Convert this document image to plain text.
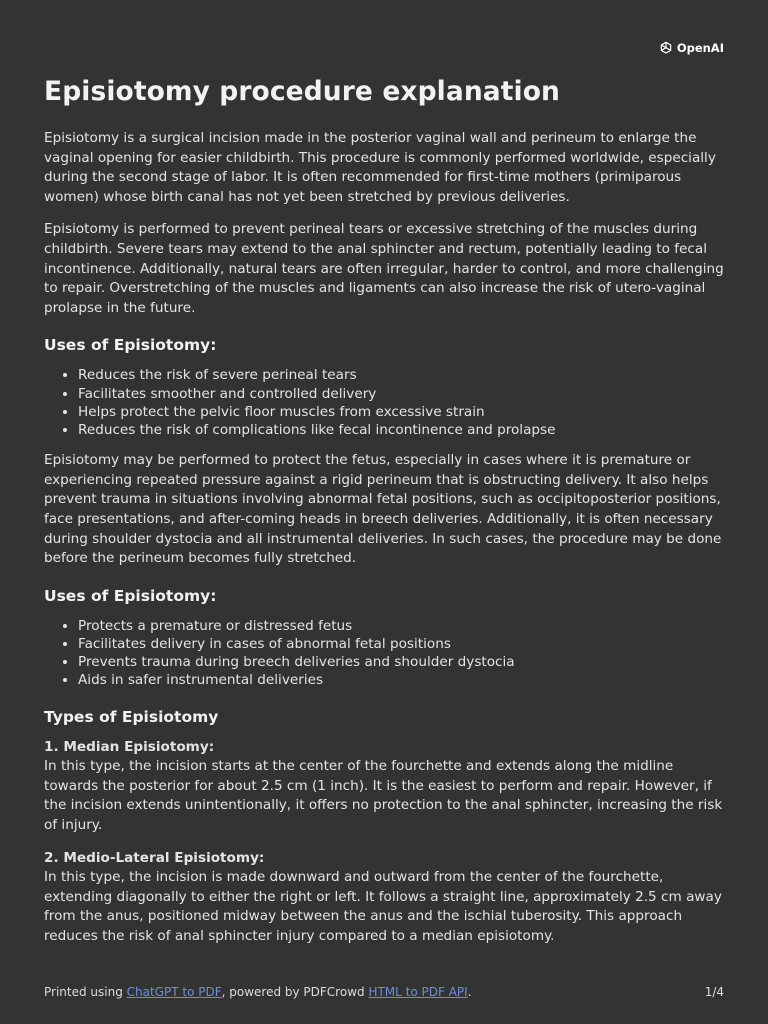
OpenAI
Episiotomy procedure explanation

Episiotomy is a surgical incision made in the posterior vaginal wall and perineum to enlarge the vaginal opening for easier childbirth. This procedure is commonly performed worldwide, especially during the second stage of labor. It is often recommended for first-time mothers (primiparous women) whose birth canal has not yet been stretched by previous deliveries.

Episiotomy is performed to prevent perineal tears or excessive stretching of the muscles during childbirth. Severe tears may extend to the anal sphincter and rectum, potentially leading to fecal incontinence. Additionally, natural tears are often irregular, harder to control, and more challenging to repair. Overstretching of the muscles and ligaments can also increase the risk of utero-vaginal prolapse in the future.

Uses of Episiotomy:
• Reduces the risk of severe perineal tears
• Facilitates smoother and controlled delivery
• Helps protect the pelvic floor muscles from excessive strain
• Reduces the risk of complications like fecal incontinence and prolapse

Episiotomy may be performed to protect the fetus, especially in cases where it is premature or experiencing repeated pressure against a rigid perineum that is obstructing delivery. It also helps prevent trauma in situations involving abnormal fetal positions, such as occipitoposterior positions, face presentations, and after-coming heads in breech deliveries. Additionally, it is often necessary during shoulder dystocia and all instrumental deliveries. In such cases, the procedure may be done before the perineum becomes fully stretched.

Uses of Episiotomy:
• Protects a premature or distressed fetus
• Facilitates delivery in cases of abnormal fetal positions
• Prevents trauma during breech deliveries and shoulder dystocia
• Aids in safer instrumental deliveries
Types of Episiotomy

1. Median Episiotomy:
In this type, the incision starts at the center of the fourchette and extends along the midline towards the posterior for about 2.5 cm (1 inch). It is the easiest to perform and repair. However, if the incision extends unintentionally, it offers no protection to the anal sphincter, increasing the risk of injury.

2. Medio-Lateral Episiotomy:
In this type, the incision is made downward and outward from the center of the fourchette, extending diagonally to either the right or left. It follows a straight line, approximately 2.5 cm away from the anus, positioned midway between the anus and the ischial tuberosity. This approach reduces the risk of anal sphincter injury compared to a median episiotomy.

Printed using ChatGPT to PDF, powered by PDFCrowd HTML to PDF API.	1/4
